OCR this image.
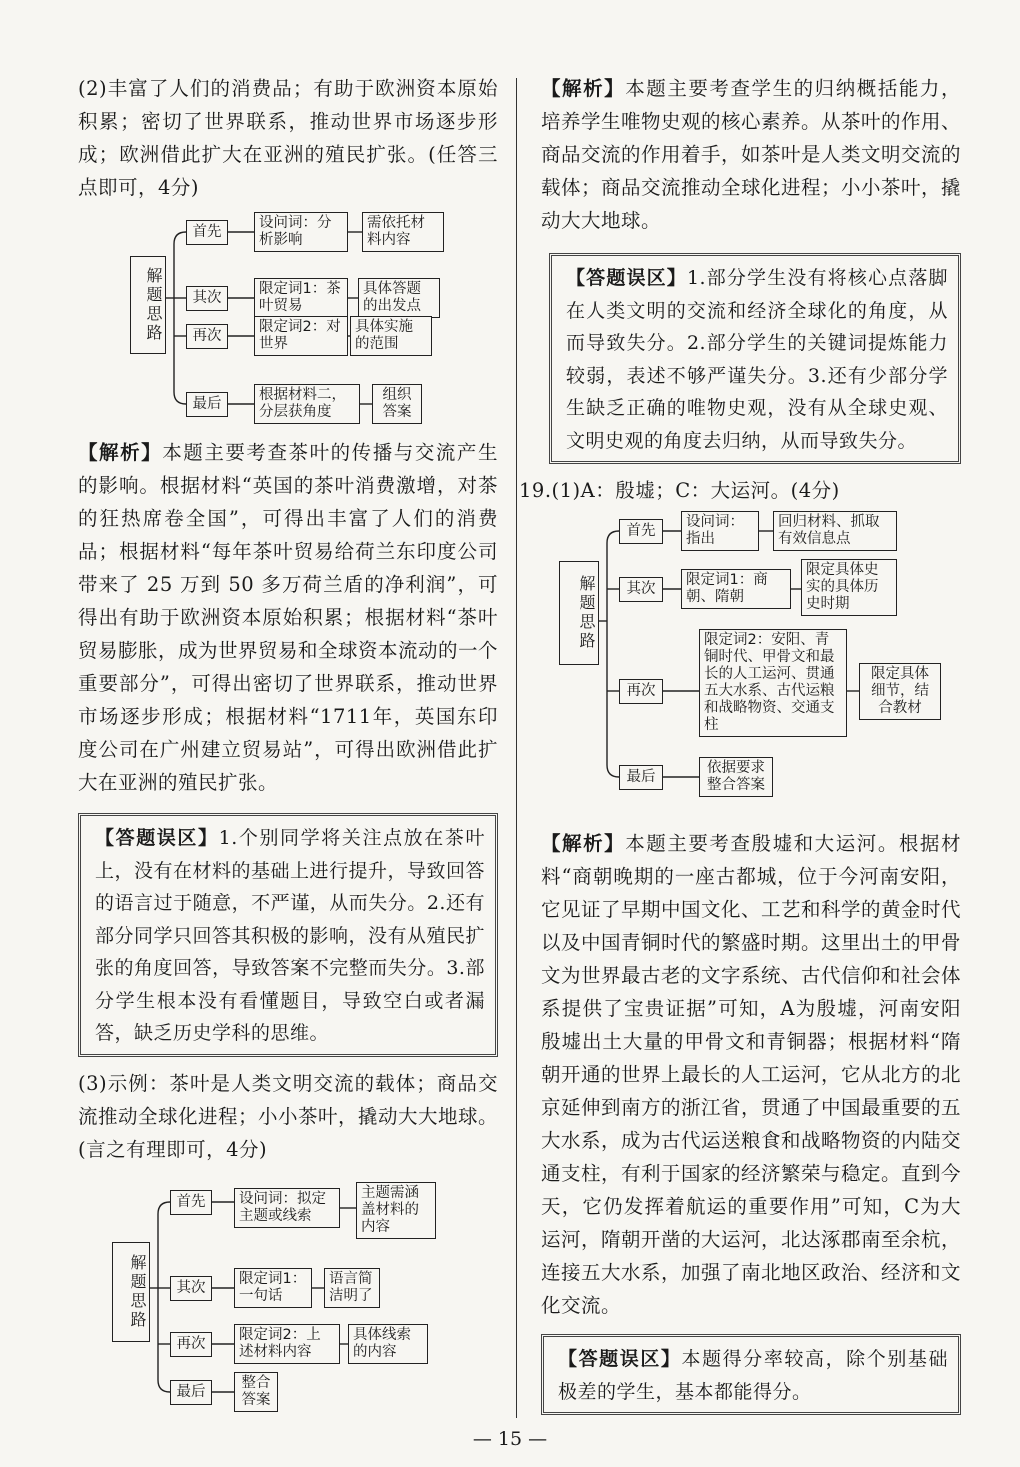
(2)丰富了人们的消费品；有助于欧洲资本原始积累；密切了世界联系，推动世界市场逐步形成；欧洲借此扩大在亚洲的殖民扩张。(任答三点即可，4分)

解题思路
首先
设问词：分析影响
需依托材料内容
其次
限定词1：茶叶贸易
具体答题的出发点
再次
限定词2：对世界
具体实施的范围
最后
根据材料二，分层获角度
组织答案

【解析】本题主要考查茶叶的传播与交流产生的影响。根据材料“英国的茶叶消费激增，对茶的狂热席卷全国”，可得出丰富了人们的消费品；根据材料“每年茶叶贸易给荷兰东印度公司带来了 25 万到 50 多万荷兰盾的净利润”，可得出有助于欧洲资本原始积累；根据材料“茶叶贸易膨胀，成为世界贸易和全球资本流动的一个重要部分”，可得出密切了世界联系，推动世界市场逐步形成；根据材料“1711年，英国东印度公司在广州建立贸易站”，可得出欧洲借此扩大在亚洲的殖民扩张。

【答题误区】1.个别同学将关注点放在茶叶上，没有在材料的基础上进行提升，导致回答的语言过于随意，不严谨，从而失分。2.还有部分同学只回答其积极的影响，没有从殖民扩张的角度回答，导致答案不完整而失分。3.部分学生根本没有看懂题目，导致空白或者漏答，缺乏历史学科的思维。

(3)示例：茶叶是人类文明交流的载体；商品交流推动全球化进程；小小茶叶，撬动大大地球。(言之有理即可，4分)

解题思路
首先	设问词：拟定主题或线索
主题需涵盖材料的内容
其次
限定词1：一句话
语言简洁明了
再次
限定词2：上述材料内容
具体线索的内容
最后
整合答案

【解析】本题主要考查学生的归纳概括能力，培养学生唯物史观的核心素养。从茶叶的作用、商品交流的作用着手，如茶叶是人类文明交流的载体；商品交流推动全球化进程；小小茶叶，撬动大大地球。

【答题误区】1.部分学生没有将核心点落脚在人类文明的交流和经济全球化的角度，从而导致失分。2.部分学生的关键词提炼能力较弱，表述不够严谨失分。3.还有少部分学生缺乏正确的唯物史观，没有从全球史观、文明史观的角度去归纳，从而导致失分。

19.(1)A：殷墟；C：大运河。(4分)

解题思路
首先
设问词：指出
回归材料、抓取有效信息点
其次
限定词1：商朝、隋朝
限定具体史实的具体历史时期
再次
限定词2：安阳、青铜时代、甲骨文和最长的人工运河、贯通五大水系、古代运粮和战略物资、交通支柱
限定具体细节，结合教材
最后
依据要求整合答案

【解析】本题主要考查殷墟和大运河。根据材料“商朝晚期的一座古都城，位于今河南安阳，它见证了早期中国文化、工艺和科学的黄金时代以及中国青铜时代的繁盛时期。这里出土的甲骨文为世界最古老的文字系统、古代信仰和社会体系提供了宝贵证据”可知，A为殷墟，河南安阳殷墟出土大量的甲骨文和青铜器；根据材料“隋朝开通的世界上最长的人工运河，它从北方的北京延伸到南方的浙江省，贯通了中国最重要的五大水系，成为古代运送粮食和战略物资的内陆交通支柱，有利于国家的经济繁荣与稳定。直到今天，它仍发挥着航运的重要作用”可知，C为大运河，隋朝开凿的大运河，北达涿郡南至余杭，连接五大水系，加强了南北地区政治、经济和文化交流。

【答题误区】本题得分率较高，除个别基础极差的学生，基本都能得分。

— 15 —
